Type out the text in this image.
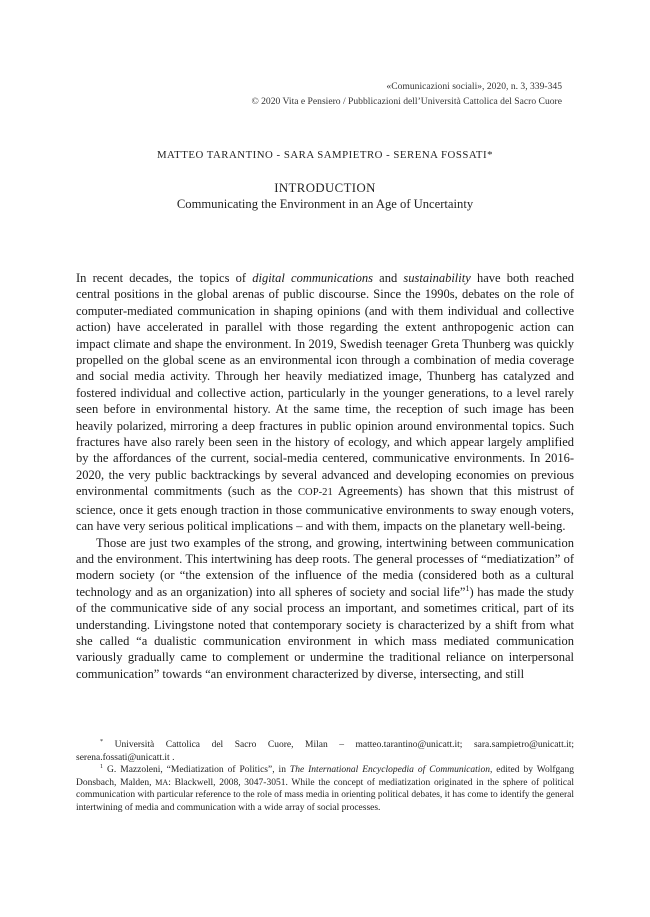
«Comunicazioni sociali», 2020, n. 3, 339-345
© 2020 Vita e Pensiero / Pubblicazioni dell’Università Cattolica del Sacro Cuore
MATTEO TARANTINO - SARA SAMPIETRO - SERENA FOSSATI*
INTRODUCTION
Communicating the Environment in an Age of Uncertainty

In recent decades, the topics of digital communications and sustainability have both reached central positions in the global arenas of public discourse. Since the 1990s, debates on the role of computer-mediated communication in shaping opinions (and with them individual and collective action) have accelerated in parallel with those regarding the extent anthropogenic action can impact climate and shape the environment. In 2019, Swedish teenager Greta Thunberg was quickly propelled on the global scene as an environmental icon through a combination of media coverage and social media activity. Through her heavily mediatized image, Thunberg has catalyzed and fostered individual and collective action, particularly in the younger generations, to a level rarely seen before in environmental history. At the same time, the reception of such image has been heavily polarized, mirroring a deep fractures in public opinion around environmental topics. Such fractures have also rarely been seen in the history of ecology, and which appear largely amplified by the affordances of the current, social-media centered, communicative environments. In 2016-2020, the very public backtrackings by several advanced and developing economies on previous environmental commitments (such as the COP-21 Agreements) has shown that this mistrust of science, once it gets enough traction in those communicative environments to sway enough voters, can have very serious political implications – and with them, impacts on the planetary well-being.

Those are just two examples of the strong, and growing, intertwining between communication and the environment. This intertwining has deep roots. The general processes of “mediatization” of modern society (or “the extension of the influence of the media (considered both as a cultural technology and as an organization) into all spheres of society and social life”$^1$) has made the study of the communicative side of any social process an important, and sometimes critical, part of its understanding. Livingstone noted that contemporary society is characterized by a shift from what she called “a dualistic communication environment in which mass mediated communication variously gradually came to complement or undermine the traditional reliance on interpersonal communication” towards “an environment characterized by diverse, intersecting, and still

* Università Cattolica del Sacro Cuore, Milan – matteo.tarantino@unicatt.it; sara.sampietro@unicatt.it; serena.fossati@unicatt.it .

$^1$ G. Mazzoleni, “Mediatization of Politics”, in The International Encyclopedia of Communication, edited by Wolfgang Donsbach, Malden, MA: Blackwell, 2008, 3047-3051. While the concept of mediatization originated in the sphere of political communication with particular reference to the role of mass media in orienting political debates, it has come to identify the general intertwining of media and communication with a wide array of social processes.
